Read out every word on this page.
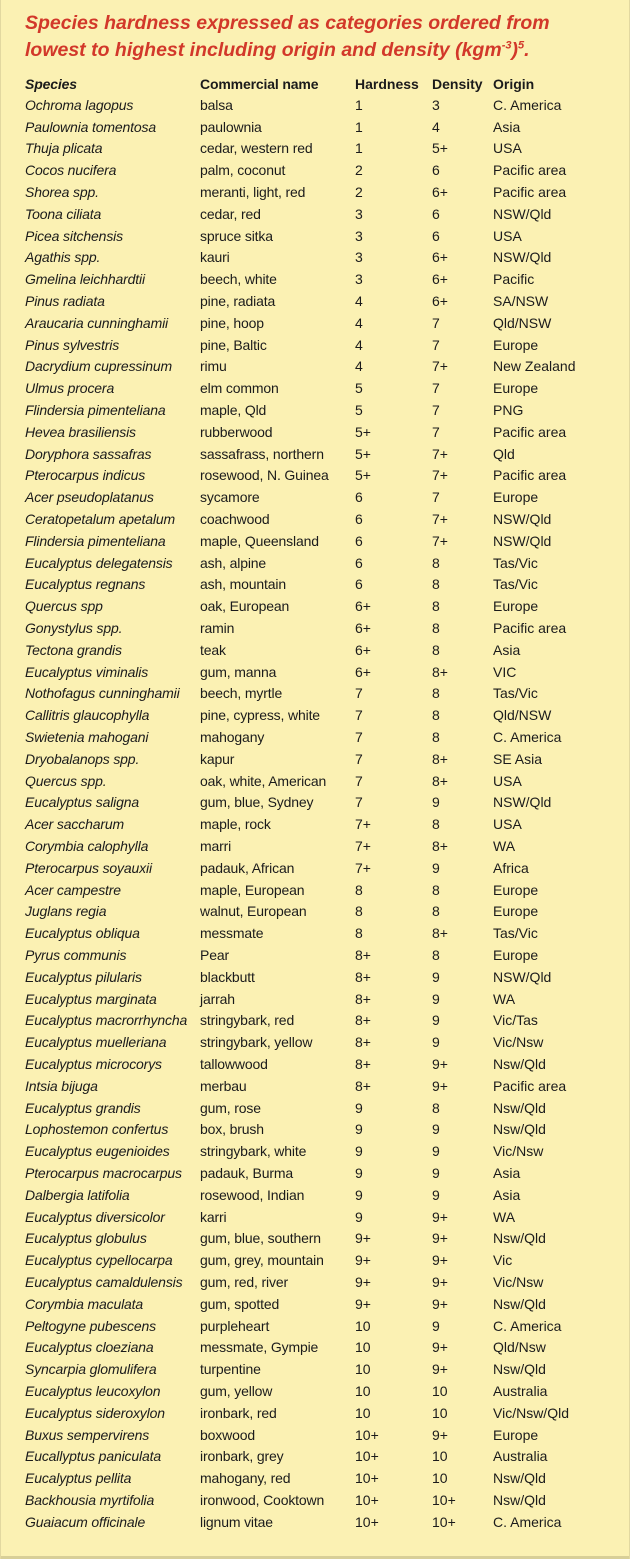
Species hardness expressed as categories ordered from
lowest to highest including origin and density $(kgm^{-3})^5$.
Species	Commercial name	Hardness	Density	Origin
Ochroma lagopus	balsa	1	3	C. America
Paulownia tomentosa	paulownia	1	4	Asia
Thuja plicata	cedar, western red	1	5+	USA
Cocos nucifera	palm, coconut	2	6	Pacific area
Shorea spp.	meranti, light, red	2	6+	Pacific area
Toona ciliata	cedar, red	3	6	NSW/Qld
Picea sitchensis	spruce sitka	3	6	USA
Agathis spp.	kauri	3	6+	NSW/Qld
Gmelina leichhardtii	beech, white	3	6+	Pacific
Pinus radiata	pine, radiata	4	6+	SA/NSW
Araucaria cunninghamii	pine, hoop	4	7	Qld/NSW
Pinus sylvestris	pine, Baltic	4	7	Europe
Dacrydium cupressinum	rimu	4	7+	New Zealand
Ulmus procera	elm common	5	7	Europe
Flindersia pimenteliana	maple, Qld	5	7	PNG
Hevea brasiliensis	rubberwood	5+	7	Pacific area
Doryphora sassafras	sassafrass, northern	5+	7+	Qld
Pterocarpus indicus	rosewood, N. Guinea	5+	7+	Pacific area
Acer pseudoplatanus	sycamore	6	7	Europe
Ceratopetalum apetalum	coachwood	6	7+	NSW/Qld
Flindersia pimenteliana	maple, Queensland	6	7+	NSW/Qld
Eucalyptus delegatensis	ash, alpine	6	8	Tas/Vic
Eucalyptus regnans	ash, mountain	6	8	Tas/Vic
Quercus spp	oak, European	6+	8	Europe
Gonystylus spp.	ramin	6+	8	Pacific area
Tectona grandis	teak	6+	8	Asia
Eucalyptus viminalis	gum, manna	6+	8+	VIC
Nothofagus cunninghamii	beech, myrtle	7	8	Tas/Vic
Callitris glaucophylla	pine, cypress, white	7	8	Qld/NSW
Swietenia mahogani	mahogany	7	8	C. America
Dryobalanops spp.	kapur	7	8+	SE Asia
Quercus spp.	oak, white, American	7	8+	USA
Eucalyptus saligna	gum, blue, Sydney	7	9	NSW/Qld
Acer saccharum	maple, rock	7+	8	USA
Corymbia calophylla	marri	7+	8+	WA
Pterocarpus soyauxii	padauk, African	7+	9	Africa
Acer campestre	maple, European	8	8	Europe
Juglans regia	walnut, European	8	8	Europe
Eucalyptus obliqua	messmate	8	8+	Tas/Vic
Pyrus communis	Pear	8+	8	Europe
Eucalyptus pilularis	blackbutt	8+	9	NSW/Qld
Eucalyptus marginata	jarrah	8+	9	WA
Eucalyptus macrorrhyncha	stringybark, red	8+	9	Vic/Tas
Eucalyptus muelleriana	stringybark, yellow	8+	9	Vic/Nsw
Eucalyptus microcorys	tallowwood	8+	9+	Nsw/Qld
Intsia bijuga	merbau	8+	9+	Pacific area
Eucalyptus grandis	gum, rose	9	8	Nsw/Qld
Lophostemon confertus	box, brush	9	9	Nsw/Qld
Eucalyptus eugenioides	stringybark, white	9	9	Vic/Nsw
Pterocarpus macrocarpus	padauk, Burma	9	9	Asia
Dalbergia latifolia	rosewood, Indian	9	9	Asia
Eucalyptus diversicolor	karri	9	9+	WA
Eucalyptus globulus	gum, blue, southern	9+	9+	Nsw/Qld
Eucalyptus cypellocarpa	gum, grey, mountain	9+	9+	Vic
Eucalyptus camaldulensis	gum, red, river	9+	9+	Vic/Nsw
Corymbia maculata	gum, spotted	9+	9+	Nsw/Qld
Peltogyne pubescens	purpleheart	10	9	C. America
Eucalyptus cloeziana	messmate, Gympie	10	9+	Qld/Nsw
Syncarpia glomulifera	turpentine	10	9+	Nsw/Qld
Eucalyptus leucoxylon	gum, yellow	10	10	Australia
Eucalyptus sideroxylon	ironbark, red	10	10	Vic/Nsw/Qld
Buxus sempervirens	boxwood	10+	9+	Europe
Eucallyptus paniculata	ironbark, grey	10+	10	Australia
Eucalyptus pellita	mahogany, red	10+	10	Nsw/Qld
Backhousia myrtifolia	ironwood, Cooktown	10+	10+	Nsw/Qld
Guaiacum officinale	lignum vitae	10+	10+	C. America
